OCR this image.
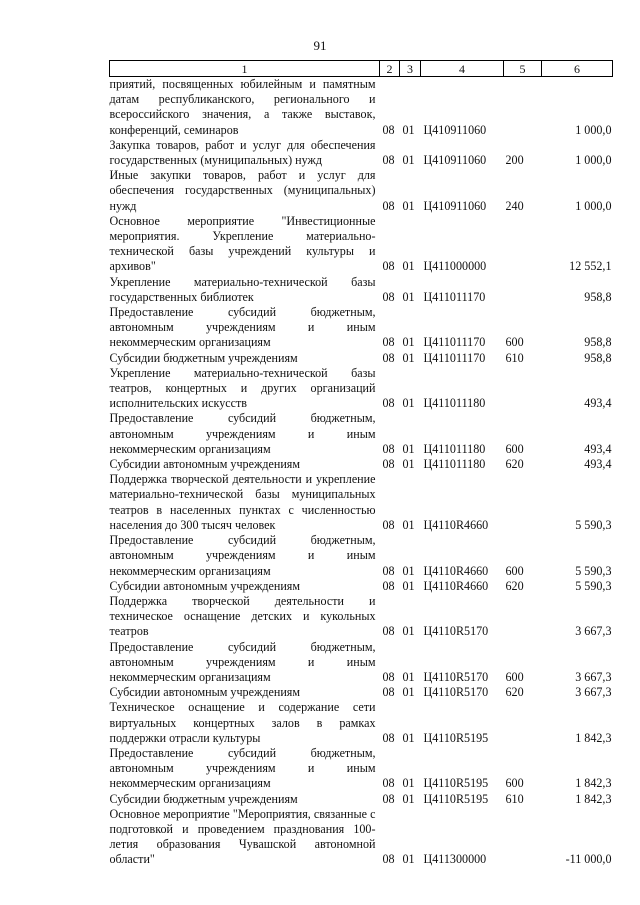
91
1	2	3	4	5	6
приятий, посвященных юбилейным и памятным датам республиканского, регионального и всероссийского значения, а также выставок, конференций, семинаров	08	01	Ц410911060		1 000,0
Закупка товаров, работ и услуг для обеспечения государственных (муниципальных) нужд	08	01	Ц410911060	200	1 000,0
Иные закупки товаров, работ и услуг для обеспечения государственных (муниципальных) нужд	08	01	Ц410911060	240	1 000,0
Основное мероприятие "Инвестиционные мероприятия. Укрепление материально-технической базы учреждений культуры и архивов"	08	01	Ц411000000		12 552,1
Укрепление материально-технической базы государственных библиотек	08	01	Ц411011170		958,8
Предоставление субсидий бюджетным, автономным учреждениям и иным некоммерческим организациям	08	01	Ц411011170	600	958,8
Субсидии бюджетным учреждениям	08	01	Ц411011170	610	958,8
Укрепление материально-технической базы театров, концертных и других организаций исполнительских искусств	08	01	Ц411011180		493,4
Предоставление субсидий бюджетным, автономным учреждениям и иным некоммерческим организациям	08	01	Ц411011180	600	493,4
Субсидии автономным учреждениям	08	01	Ц411011180	620	493,4
Поддержка творческой деятельности и укрепление материально-технической базы муниципальных театров в населенных пунктах с численностью населения до 300 тысяч человек	08	01	Ц4110R4660		5 590,3
Предоставление субсидий бюджетным, автономным учреждениям и иным некоммерческим организациям	08	01	Ц4110R4660	600	5 590,3
Субсидии автономным учреждениям	08	01	Ц4110R4660	620	5 590,3
Поддержка творческой деятельности и техническое оснащение детских и кукольных театров	08	01	Ц4110R5170		3 667,3
Предоставление субсидий бюджетным, автономным учреждениям и иным некоммерческим организациям	08	01	Ц4110R5170	600	3 667,3
Субсидии автономным учреждениям	08	01	Ц4110R5170	620	3 667,3
Техническое оснащение и содержание сети виртуальных концертных залов в рамках поддержки отрасли культуры	08	01	Ц4110R5195		1 842,3
Предоставление субсидий бюджетным, автономным учреждениям и иным некоммерческим организациям	08	01	Ц4110R5195	600	1 842,3
Субсидии бюджетным учреждениям	08	01	Ц4110R5195	610	1 842,3
Основное мероприятие "Мероприятия, связанные с подготовкой и проведением празднования 100-летия образования Чувашской автономной области"	08	01	Ц411300000		-11 000,0
